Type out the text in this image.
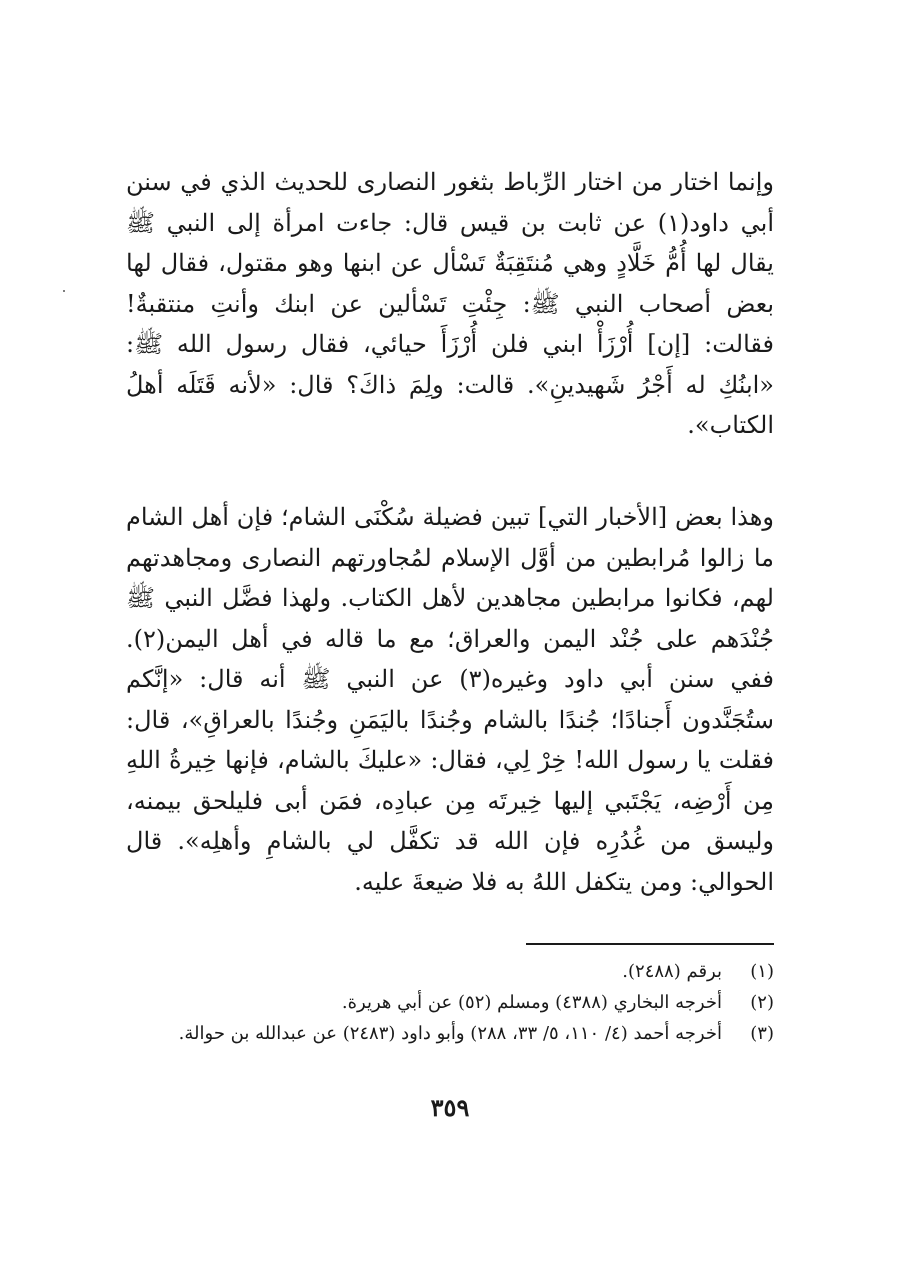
وإنما اختار من اختار الرِّباط بثغور النصارى للحديث الذي في سنن أبي داود(١) عن ثابت بن قيس قال: جاءت امرأة إلى النبي ﷺ يقال لها أُمُّ خَلَّادٍ وهي مُنتَقِبَةٌ تَسْأل عن ابنها وهو مقتول، فقال لها بعض أصحاب النبي ﷺ: جِئْتِ تَسْألين عن ابنك وأنتِ منتقبةٌ! فقالت: [إن] أُرْزَأْ ابني فلن أُرْزَأَ حيائي، فقال رسول الله ﷺ: «ابنُكِ له أَجْرُ شَهيدينِ». قالت: ولِمَ ذاكَ؟ قال: «لأنه قَتَلَه أهلُ الكتاب».

وهذا بعض [الأخبار التي] تبين فضيلة سُكْنَى الشام؛ فإن أهل الشام ما زالوا مُرابطين من أوَّل الإسلام لمُجاورتهم النصارى ومجاهدتهم لهم، فكانوا مرابطين مجاهدين لأهل الكتاب. ولهذا فضَّل النبي ﷺ جُنْدَهم على جُنْد اليمن والعراق؛ مع ما قاله في أهل اليمن(٢). ففي سنن أبي داود وغيره(٣) عن النبي ﷺ أنه قال: «إنَّكم ستُجَنَّدون أَجنادًا؛ جُندًا بالشام وجُندًا باليَمَنِ وجُندًا بالعراقِ»، قال: فقلت يا رسول الله! خِرْ لِي، فقال: «عليكَ بالشام، فإنها خِيرةُ اللهِ مِن أَرْضِه، يَجْتَبي إليها خِيرتَه مِن عبادِه، فمَن أبى فليلحق بيمنه، وليسق من غُدُرِه فإن الله قد تكفَّل لي بالشامِ وأهلِه». قال الحوالي: ومن يتكفل اللهُ به فلا ضيعةَ عليه.

(١)
برقم (٢٤٨٨).
(٢)
أخرجه البخاري (٤٣٨٨) ومسلم (٥٢) عن أبي هريرة.
(٣)
أخرجه أحمد (٤/ ١١٠، ٥/ ٣٣، ٢٨٨) وأبو داود (٢٤٨٣) عن عبدالله بن حوالة.
٣٥٩
